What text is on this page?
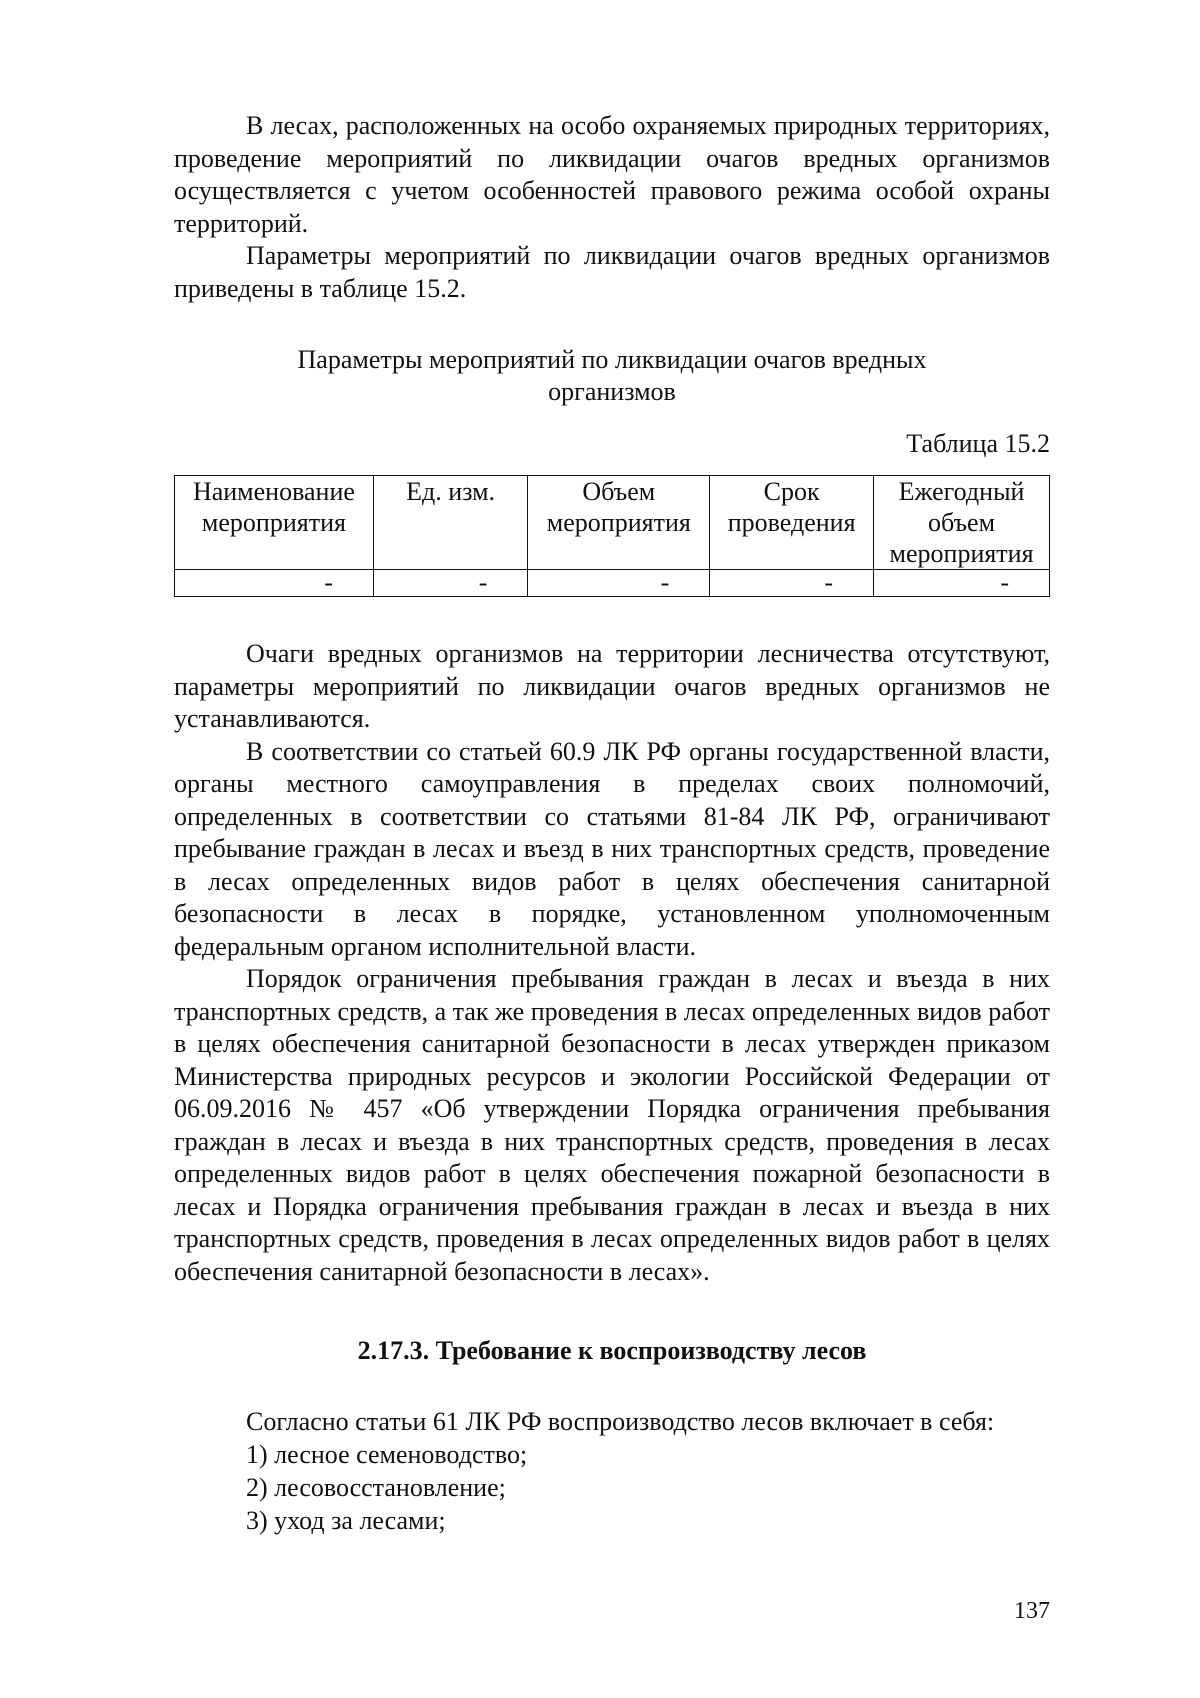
В лесах, расположенных на особо охраняемых природных территориях, проведение мероприятий по ликвидации очагов вредных организмов осуществляется с учетом особенностей правового режима особой охраны территорий.

Параметры мероприятий по ликвидации очагов вредных организмов приведены в таблице 15.2.

Параметры мероприятий по ликвидации очагов вредных
организмов
Таблица 15.2
Наименование мероприятия	Ед. изм.	Объем мероприятия	Срок проведения	Ежегодный объем мероприятия
-	-	-	-	-

Очаги вредных организмов на территории лесничества отсутствуют, параметры мероприятий по ликвидации очагов вредных организмов не устанавливаются.

В соответствии со статьей 60.9 ЛК РФ органы государственной власти, органы местного самоуправления в пределах своих полномочий, определенных в соответствии со статьями 81-84 ЛК РФ, ограничивают пребывание граждан в лесах и въезд в них транспортных средств, проведение в лесах определенных видов работ в целях обеспечения санитарной безопасности в лесах в порядке, установленном уполномоченным федеральным органом исполнительной власти.

Порядок ограничения пребывания граждан в лесах и въезда в них транспортных средств, а так же проведения в лесах определенных видов работ в целях обеспечения санитарной безопасности в лесах утвержден приказом Министерства природных ресурсов и экологии Российской Федерации от 06.09.2016 № 457 «Об утверждении Порядка ограничения пребывания граждан в лесах и въезда в них транспортных средств, проведения в лесах определенных видов работ в целях обеспечения пожарной безопасности в лесах и Порядка ограничения пребывания граждан в лесах и въезда в них транспортных средств, проведения в лесах определенных видов работ в целях обеспечения санитарной безопасности в лесах».

2.17.3. Требование к воспроизводству лесов
Согласно статьи 61 ЛК РФ воспроизводство лесов включает в себя:
1) лесное семеноводство;
2) лесовосстановление;
3) уход за лесами;
137
